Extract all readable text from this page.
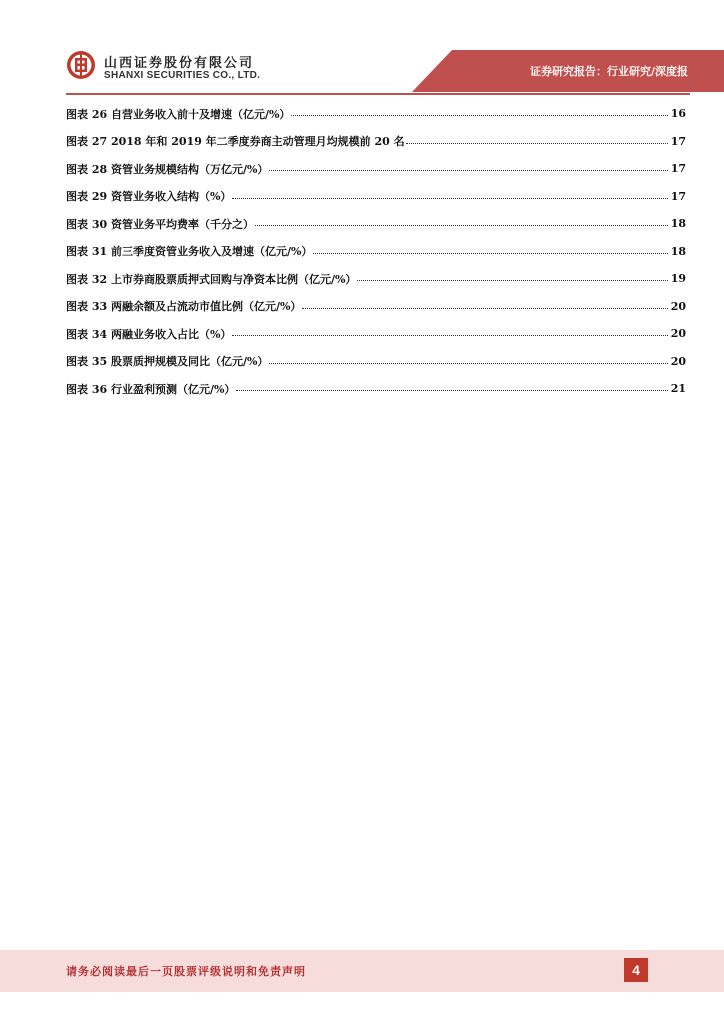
山西证券股份有限公司
SHANXI SECURITIES CO., LTD.	证券研究报告：行业研究/深度报
图表 26 自营业务收入前十及增速（亿元/%）	16
图表 27 2018 年和 2019 年二季度券商主动管理月均规模前 20 名	17
图表 28 资管业务规模结构（万亿元/%）	17
图表 29 资管业务收入结构（%）	17
图表 30 资管业务平均费率（千分之）	18
图表 31 前三季度资管业务收入及增速（亿元/%）	18
图表 32 上市券商股票质押式回购与净资本比例（亿元/%）	19
图表 33 两融余额及占流动市值比例（亿元/%）	20
图表 34 两融业务收入占比（%）	20
图表 35 股票质押规模及同比（亿元/%）	20
图表 36 行业盈利预测（亿元/%）	21
请务必阅读最后一页股票评级说明和免责声明	4
